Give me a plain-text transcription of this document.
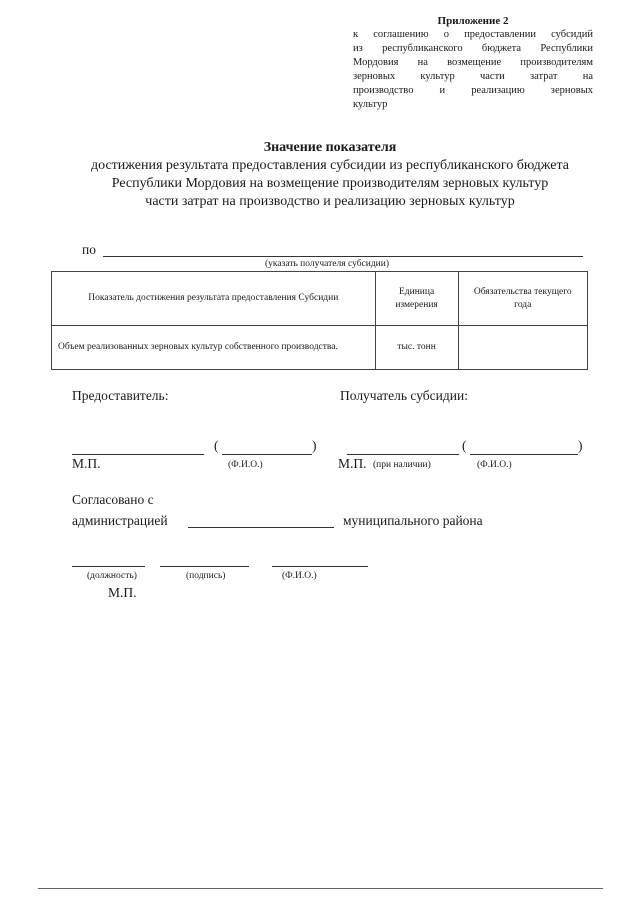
Приложение 2
к соглашению о предоставлении субсидий
из республиканского бюджета Республики
Мордовия на возмещение производителям
зерновых культур части затрат на
производство и реализацию зерновых
культур
Значение показателя
достижения результата предоставления субсидии из республиканского бюджета
Республики Мордовия на возмещение производителям зерновых культур
части затрат на производство и реализацию зерновых культур
по
(указать получателя субсидии)
Показатель достижения результата предоставления Субсидии	Единица измерения	Обязательства текущего года
Объем реализованных зерновых культур собственного производства.	тыс. тонн	
Предоставитель:	Получатель субсидии:
(	)	(	)
М.П.	(Ф.И.О.)	М.П. (при наличии)	(Ф.И.О.)
Согласовано с
администрацией	муниципального района
(должность)	(подпись)	(Ф.И.О.)
М.П.
